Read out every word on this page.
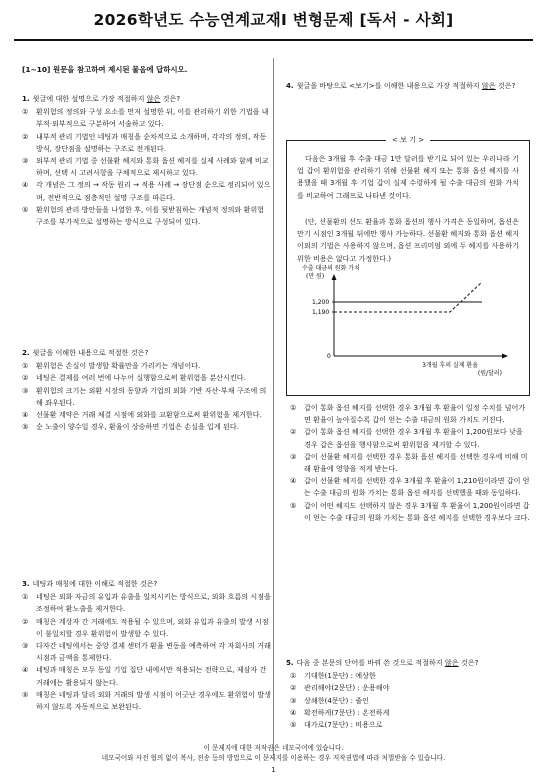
2026학년도 수능연계교재Ⅰ 변형문제 [독서 - 사회]
[1~10] 원문을 참고하여 제시된 물음에 답하시오.
1. 윗글에 대한 설명으로 가장 적절하지 않은 것은?
① 환위험의 정의와 구성 요소를 먼저 설명한 뒤, 이를 관리하기 위한 기법을 내부적·외부적으로 구분하여 서술하고 있다.
② 내부적 관리 기법인 네팅과 매칭을 순차적으로 소개하며, 각각의 정의, 작동 방식, 장단점을 설명하는 구조로 전개된다.
③ 외부적 관리 기법 중 선물환 헤지와 통화 옵션 헤지를 실제 사례와 함께 비교하며, 선택 시 고려사항을 구체적으로 제시하고 있다.
④ 각 개념은 그 정의 → 작동 원리 → 적용 사례 → 장단점 순으로 정리되어 있으며, 전반적으로 점층적인 설명 구조를 따른다.
⑤ 환위험의 관리 방안들을 나열한 후, 이를 뒷받침하는 개념적 정의와 환위험 구조를 부가적으로 설명하는 방식으로 구성되어 있다.
2. 윗글을 이해한 내용으로 적절한 것은?
① 환위험은 손실이 발생할 확률만을 가리키는 개념이다.
② 네팅은 결제를 여러 번에 나누어 실행함으로써 환위험을 분산시킨다.
③ 환위험의 크기는 외환 시장의 동향과 기업의 외화 기반 자산·부채 구조에 의해 좌우된다.
④ 선물환 계약은 거래 체결 시점에 외화를 교환함으로써 환위험을 제거한다.
⑤ 순 노출이 양수일 경우, 환율이 상승하면 기업은 손실을 입게 된다.
3. 네팅과 매칭에 대한 이해로 적절한 것은?
① 네팅은 외화 자금의 유입과 유출을 일치시키는 방식으로, 외화 흐름의 시점을 조정하여 환노출을 제거한다.
② 매칭은 계상자 간 거래에도 적용될 수 있으며, 외화 유입과 유출의 발생 시점이 불일치할 경우 환위험이 발생할 수 있다.
③ 다자간 네팅에서는 중앙 결제 센터가 환율 변동을 예측하여 각 자회사의 거래 시점과 금액을 통제한다.
④ 네팅과 매칭은 모두 동일 기업 집단 내에서만 적용되는 전략으로, 제삼자 간 거래에는 활용되지 않는다.
⑤ 매칭은 네팅과 달리 외화 거래의 발생 시점이 어긋난 경우에도 환위험이 발생하지 않도록 자동적으로 보완된다.
4. 윗글을 바탕으로 <보기>를 이해한 내용으로 가장 적절하지 않은 것은?
< 보 기 >
다음은 3개월 후 수출 대금 1만 달러를 받기로 되어 있는 우리나라 기업 갑이 환위험을 관리하기 위해 선물환 헤지 또는 통화 옵션 헤지를 사용했을 때 3개월 후 기업 갑이 실제 수령하게 될 수출 대금의 원화 가치를 비교하여 그래프로 나타낸 것이다.
(단, 선물환의 선도 환율과 통화 옵션의 행사 가격은 동일하며, 옵션은 만기 시점인 3개월 뒤에만 행사 가능하다. 선물환 헤지와 통화 옵션 헤지 이외의 기법은 사용하지 않으며, 옵션 프리미엄 외에 두 헤지를 사용하기 위한 비용은 없다고 가정한다.)
수출 대금의 원화 가치
(만 원)
0
1,200
1,190
3개월 후의 실제 환율
(원/달러)
① 갑이 통화 옵션 헤지를 선택한 경우 3개월 후 환율이 일정 수치를 넘어가면 환율이 높아질수록 갑이 얻는 수출 대금의 원화 가치도 커진다.
② 갑이 통화 옵션 헤지를 선택한 경우 3개월 후 환율이 1,200원보다 낮을 경우 갑은 옵션을 행사함으로써 환위험을 제거할 수 있다.
③ 갑이 선물환 헤지를 선택한 경우 통화 옵션 헤지를 선택한 경우에 비해 미래 환율에 영향을 적게 받는다.
④ 갑이 선물환 헤지를 선택한 경우 3개월 후 환율이 1,210원이라면 갑이 얻는 수출 대금의 원화 가치는 통화 옵션 헤지를 선택했을 때와 동일하다.
⑤ 갑이 어떤 헤지도 선택하지 않은 경우 3개월 후 환율이 1,200원이라면 갑이 얻는 수출 대금의 원화 가치는 통화 옵션 헤지를 선택한 경우보다 크다.
5. 다음 중 본문의 단어를 바꿔 쓴 것으로 적절하지 않은 것은?
① 기대한(1문단) : 예상한
② 관리해야(2문단) : 운용해야
③ 상쇄한(4문단) : 줄인
④ 확전하게(7문단) : 온전하게
⑤ 대가로(7문단) : 비용으로
이 문제지에 대한 저작권은 네모국어에 있습니다.
네모국어와 사전 협의 없이 복사, 전송 등의 방법으로 이 문제지를 이용하는 경우 저작권법에 따라 처벌받을 수 있습니다.
1
